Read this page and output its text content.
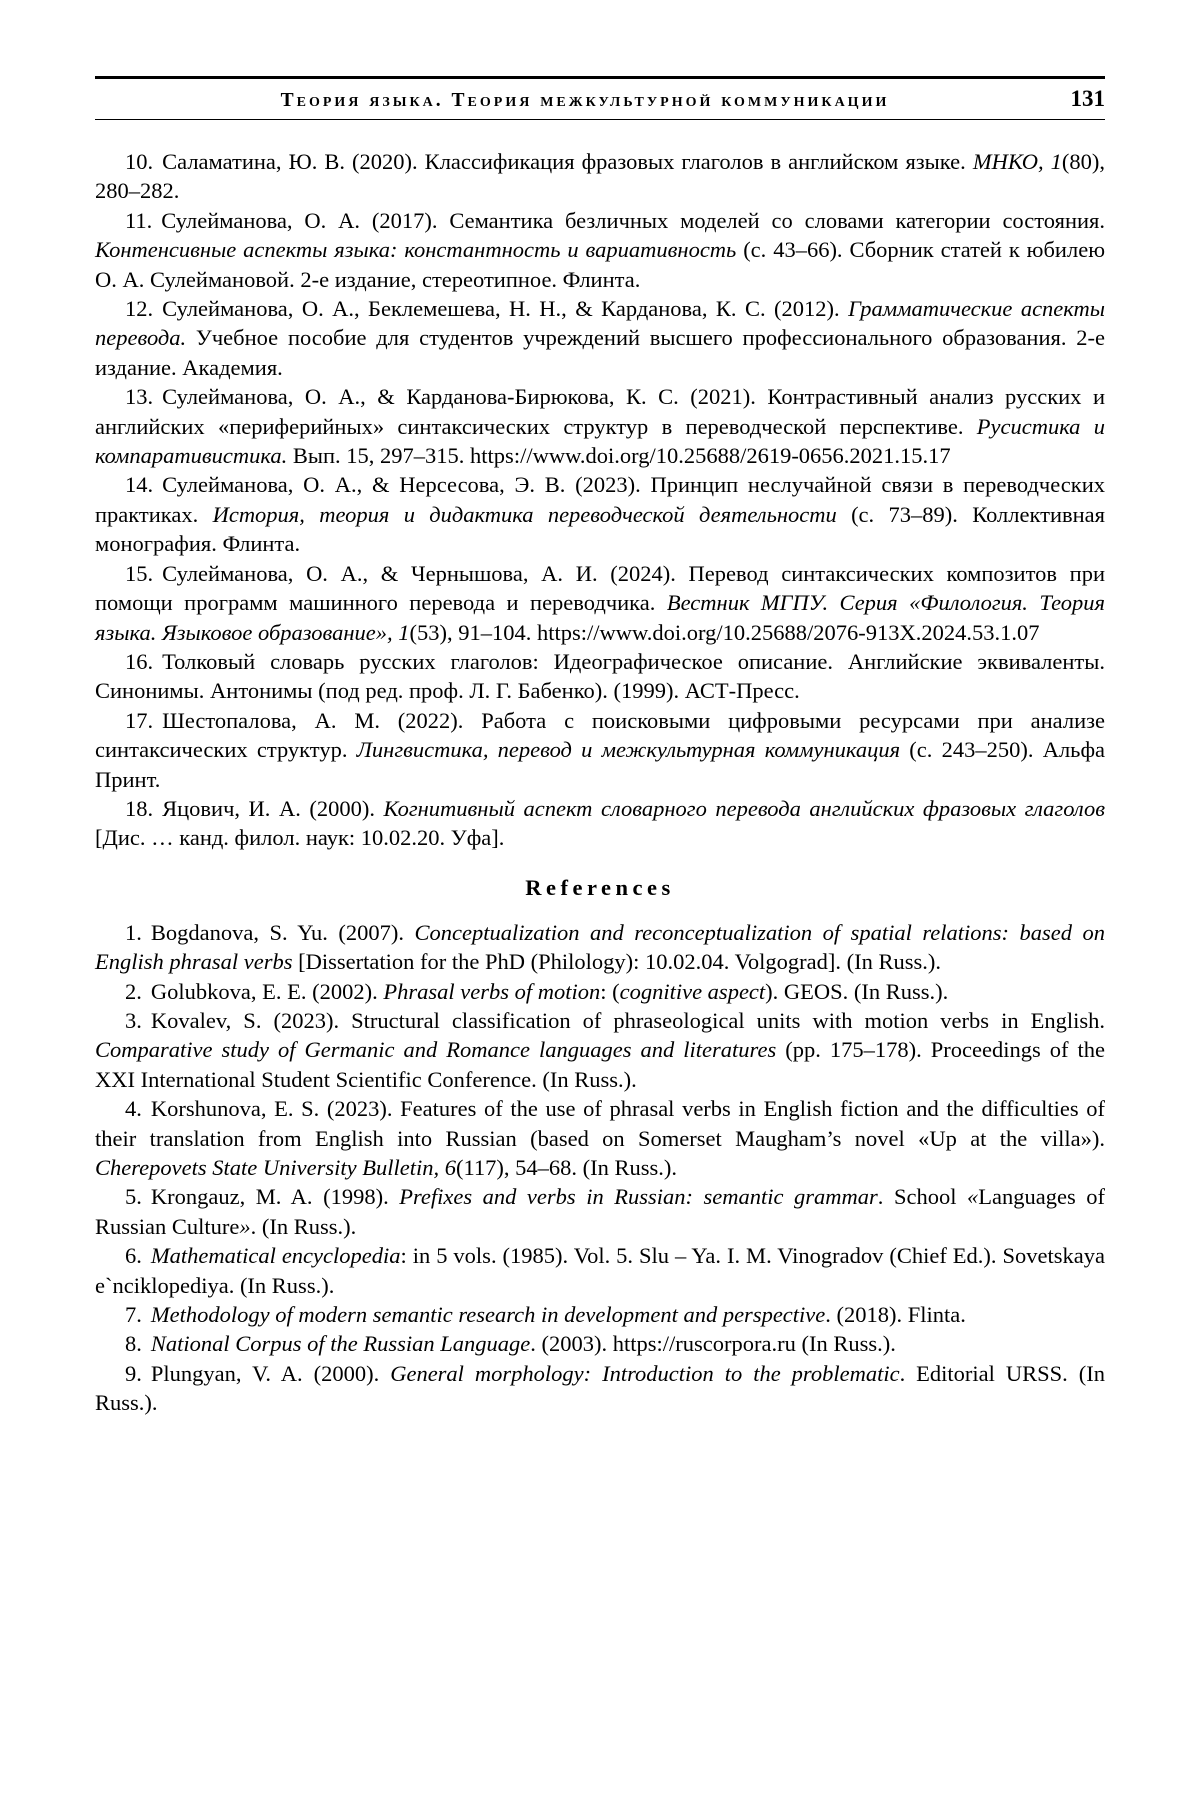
Теория языка. Теория межкультурной коммуникации	131

10. Саламатина, Ю. В. (2020). Классификация фразовых глаголов в английском языке. МНКО, 1(80), 280–282.

11. Сулейманова, О. А. (2017). Семантика безличных моделей со словами категории состояния. Контенсивные аспекты языка: константность и вариативность (с. 43–66). Сборник статей к юбилею О. А. Сулеймановой. 2-е издание, стереотипное. Флинта.

12. Сулейманова, О. А., Беклемешева, Н. Н., & Карданова, К. С. (2012). Грамматические аспекты перевода. Учебное пособие для студентов учреждений высшего профессионального образования. 2-е издание. Академия.

13. Сулейманова, О. А., & Карданова-Бирюкова, К. С. (2021). Контрастивный анализ русских и английских «периферийных» синтаксических структур в переводческой перспективе. Русистика и компаративистика. Вып. 15, 297–315. https://www.doi.org/10.25688/2619-0656.2021.15.17

14. Сулейманова, О. А., & Нерсесова, Э. В. (2023). Принцип неслучайной связи в переводческих практиках. История, теория и дидактика переводческой деятельности (с. 73–89). Коллективная монография. Флинта.

15. Сулейманова, О. А., & Чернышова, А. И. (2024). Перевод синтаксических композитов при помощи программ машинного перевода и переводчика. Вестник МГПУ. Серия «Филология. Теория языка. Языковое образование», 1(53), 91–104. https://www.doi.org/10.25688/2076-913X.2024.53.1.07

16. Толковый словарь русских глаголов: Идеографическое описание. Английские эквиваленты. Синонимы. Антонимы (под ред. проф. Л. Г. Бабенко). (1999). АСТ-Пресс.

17. Шестопалова, А. М. (2022). Работа с поисковыми цифровыми ресурсами при анализе синтаксических структур. Лингвистика, перевод и межкультурная коммуникация (с. 243–250). Альфа Принт.

18. Яцович, И. А. (2000). Когнитивный аспект словарного перевода английских фразовых глаголов [Дис. … канд. филол. наук: 10.02.20. Уфа].

References

1. Bogdanova, S. Yu. (2007). Conceptualization and reconceptualization of spatial relations: based on English phrasal verbs [Dissertation for the PhD (Philology): 10.02.04. Volgograd]. (In Russ.).

2. Golubkova, E. E. (2002). Phrasal verbs of motion: (cognitive aspect). GEOS. (In Russ.).

3. Kovalev, S. (2023). Structural classification of phraseological units with motion verbs in English. Comparative study of Germanic and Romance languages and literatures (pp. 175–178). Proceedings of the XXI International Student Scientific Conference. (In Russ.).

4. Korshunova, E. S. (2023). Features of the use of phrasal verbs in English fiction and the difficulties of their translation from English into Russian (based on Somerset Maugham’s novel «Up at the villa»). Cherepovets State University Bulletin, 6(117), 54–68. (In Russ.).

5. Krongauz, M. A. (1998). Prefixes and verbs in Russian: semantic grammar. School «Languages of Russian Culture». (In Russ.).

6. Mathematical encyclopedia: in 5 vols. (1985). Vol. 5. Slu – Ya. I. M. Vinogradov (Chief Ed.). Sovetskaya e`nciklopediya. (In Russ.).

7. Methodology of modern semantic research in development and perspective. (2018). Flinta.

8. National Corpus of the Russian Language. (2003). https://ruscorpora.ru (In Russ.).

9. Plungyan, V. A. (2000). General morphology: Introduction to the problematic. Editorial URSS. (In Russ.).
